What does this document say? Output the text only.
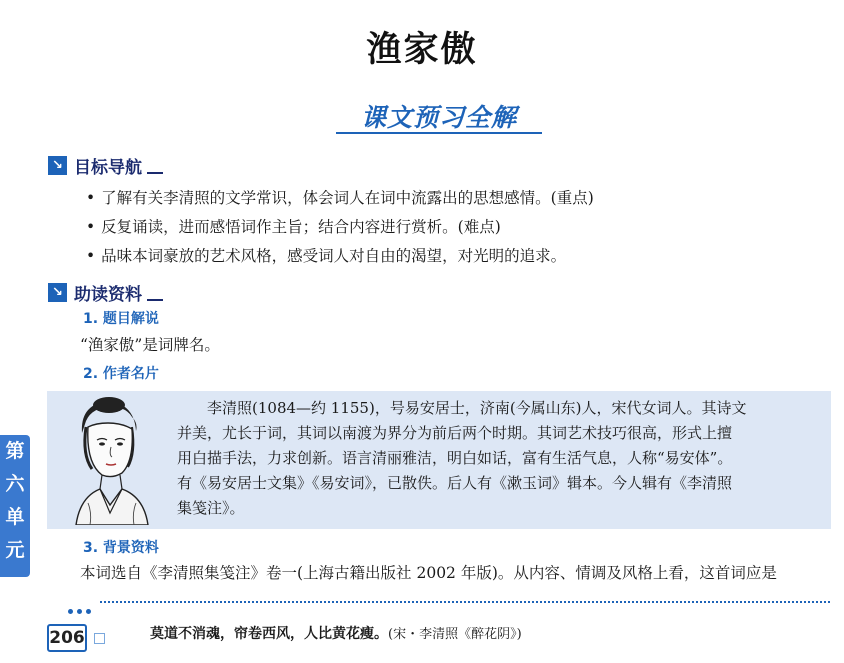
渔家傲
课文预习全解
↘ 目标导航
• 了解有关李清照的文学常识，体会词人在词中流露出的思想感情。(重点)
• 反复诵读，进而感悟词作主旨；结合内容进行赏析。(难点)
• 品味本词豪放的艺术风格，感受词人对自由的渴望，对光明的追求。
↘ 助读资料
1. 题目解说
“渔家傲”是词牌名。
2. 作者名片
李清照(1084—约 1155)，号易安居士，济南(今属山东)人，宋代女词人。其诗文
并美，尤长于词，其词以南渡为界分为前后两个时期。其词艺术技巧很高，形式上擅
用白描手法，力求创新。语言清丽雅洁，明白如话，富有生活气息，人称“易安体”。
有《易安居士文集》《易安词》，已散佚。后人有《漱玉词》辑本。今人辑有《李清照
集笺注》。
3. 背景资料
本词选自《李清照集笺注》卷一(上海古籍出版社 2002 年版)。从内容、情调及风格上看，这首词应是
第
六
单
元
206	莫道不消魂，帘卷西风，人比黄花瘦。(宋・李清照《醉花阴》)
